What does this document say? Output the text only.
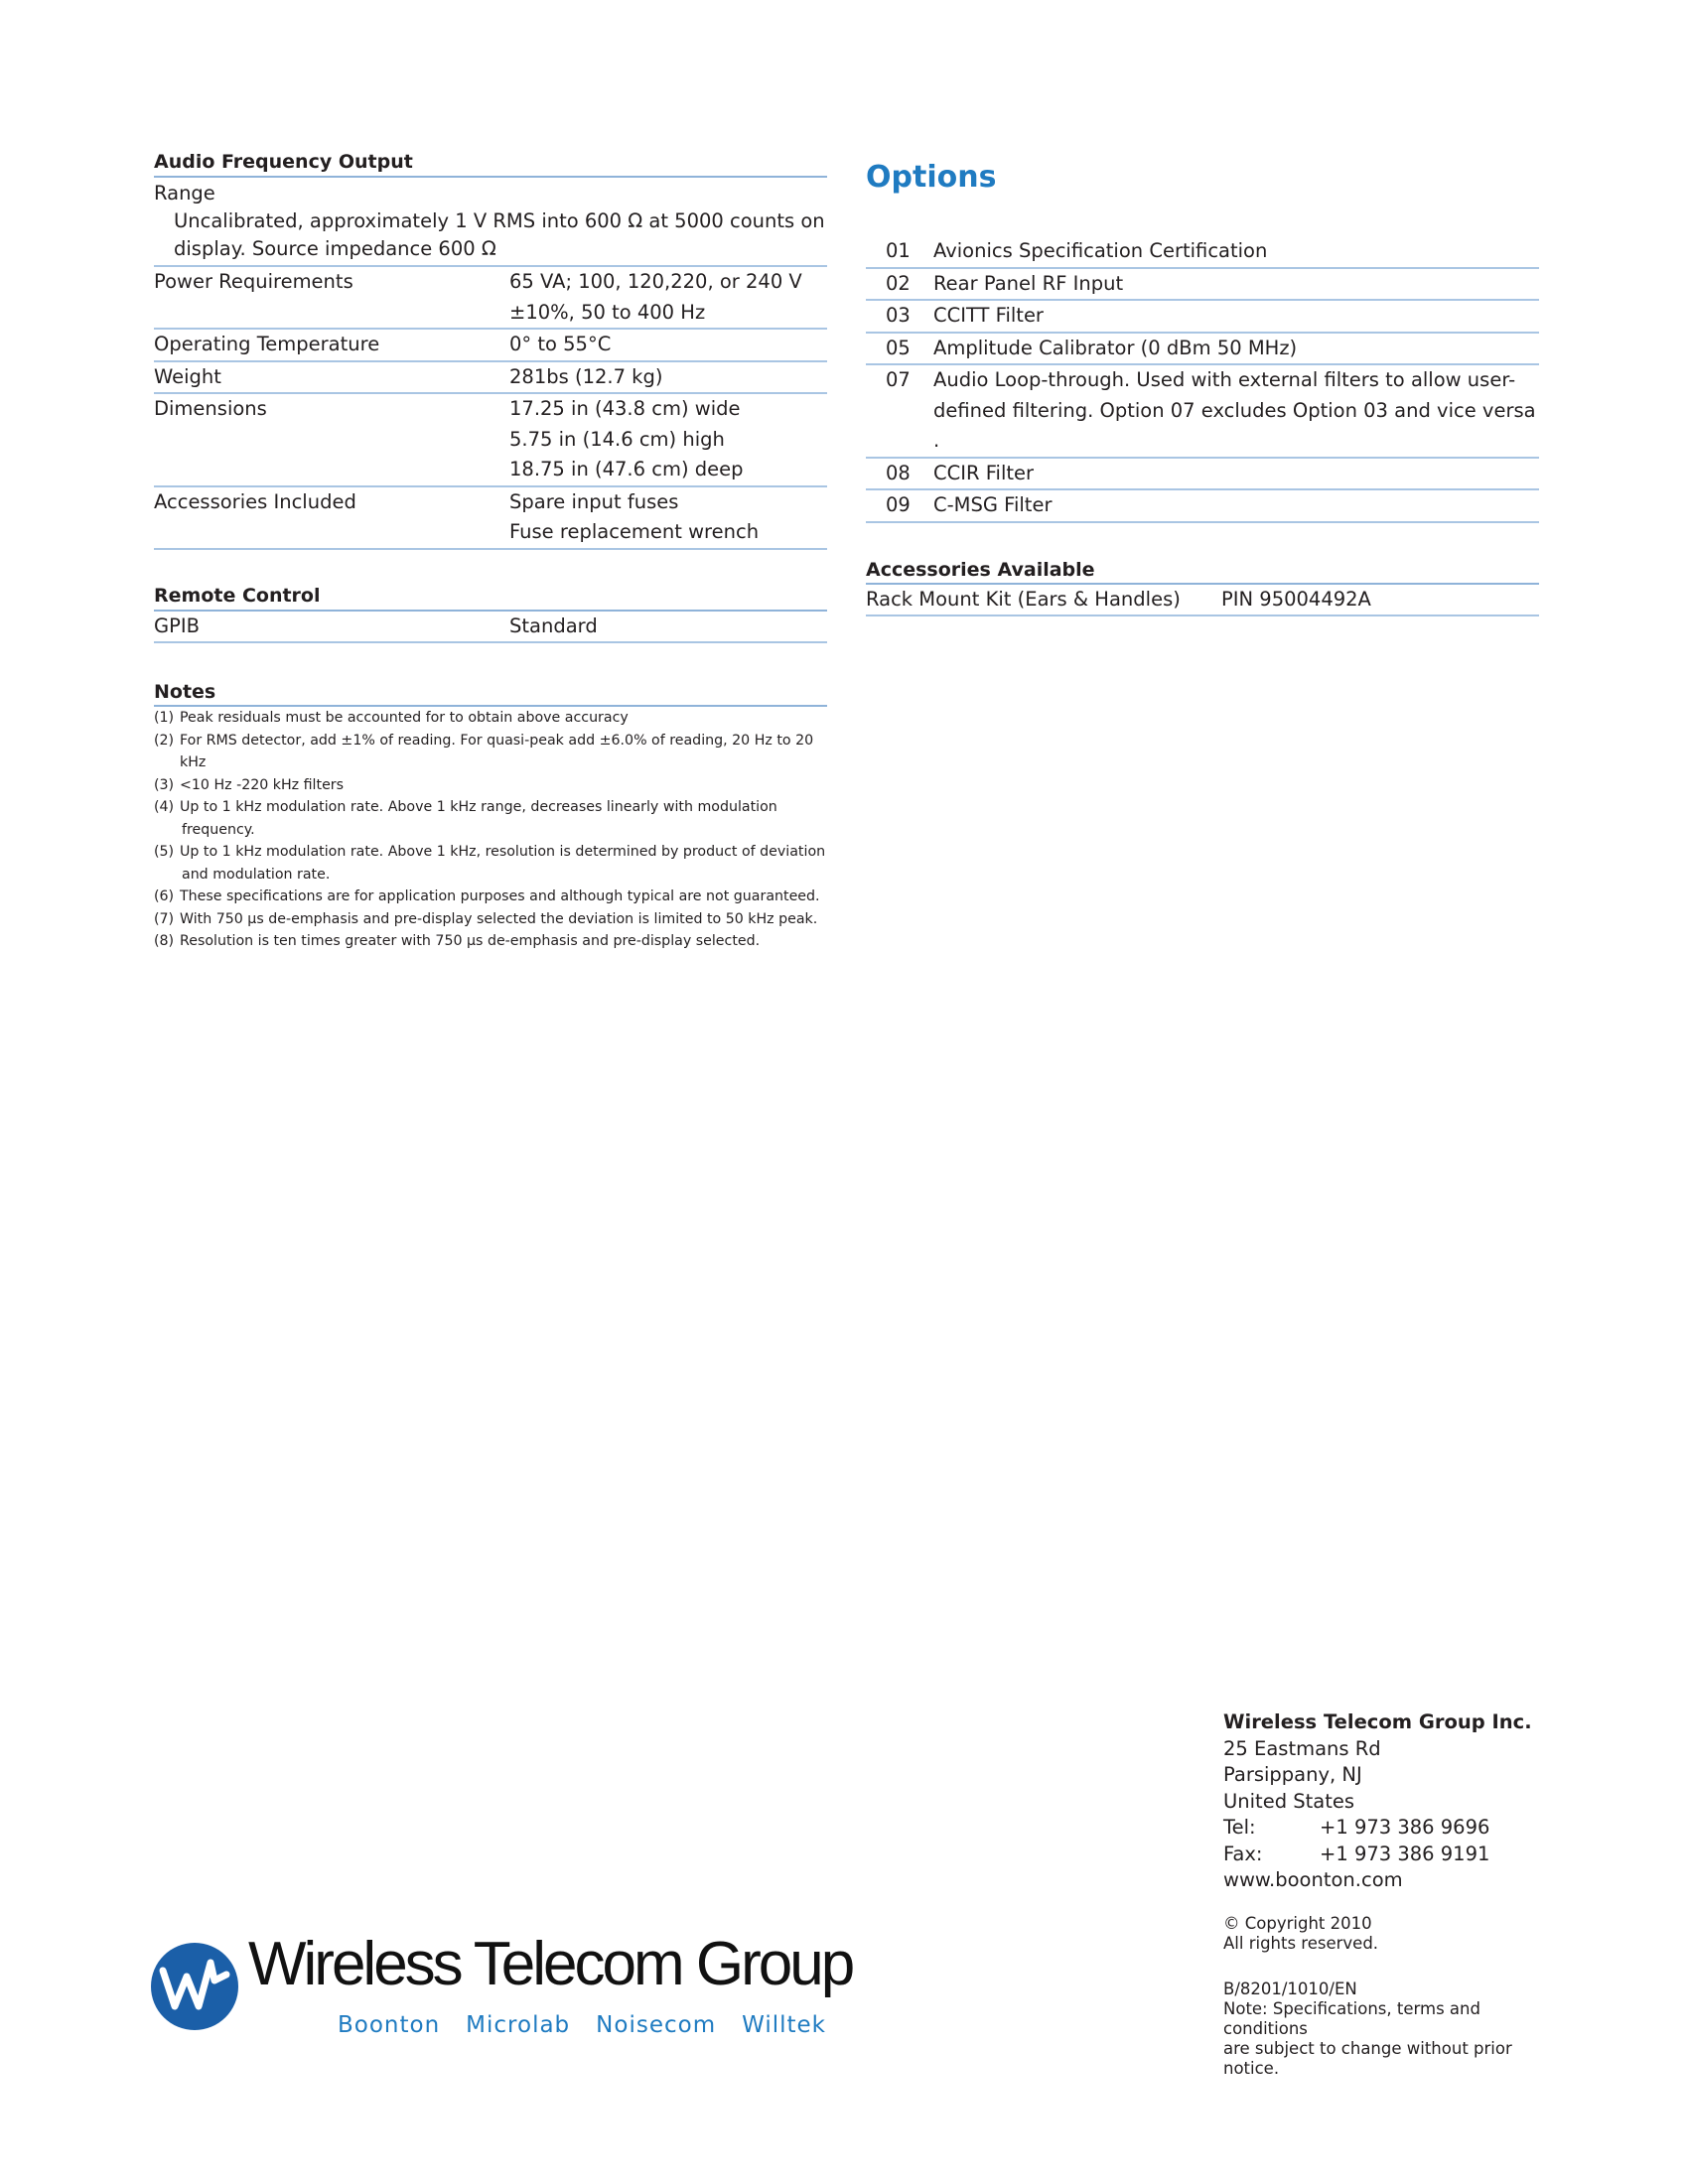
Audio Frequency Output
Range
Uncalibrated, approximately 1 V RMS into 600 Ω at 5000 counts on
display. Source impedance 600 Ω
Power Requirements	65 VA; 100, 120,220, or 240 V
±10%, 50 to 400 Hz
Operating Temperature	0° to 55°C
Weight	281bs (12.7 kg)
Dimensions	17.25 in (43.8 cm) wide
5.75 in (14.6 cm) high
18.75 in (47.6 cm) deep
Accessories Included	Spare input fuses
Fuse replacement wrench
Remote Control
GPIB	Standard
Notes
(1) Peak residuals must be accounted for to obtain above accuracy
(2) For RMS detector, add ±1% of reading. For quasi-peak add ±6.0% of reading, 20 Hz to 20 kHz
(3) <10 Hz -220 kHz filters
(4) Up to 1 kHz modulation rate. Above 1 kHz range, decreases linearly with modulation
frequency.
(5) Up to 1 kHz modulation rate. Above 1 kHz, resolution is determined by product of deviation
and modulation rate.
(6) These specifications are for application purposes and although typical are not guaranteed.
(7) With 750 µs de-emphasis and pre-display selected the deviation is limited to 50 kHz peak.
(8) Resolution is ten times greater with 750 µs de-emphasis and pre-display selected.
Options
01	Avionics Specification Certification
02	Rear Panel RF Input
03	CCITT Filter
05	Amplitude Calibrator (0 dBm 50 MHz)
07	Audio Loop-through. Used with external filters to allow user-
defined filtering. Option 07 excludes Option 03 and vice versa .
08	CCIR Filter
09	C-MSG Filter
Accessories Available
Rack Mount Kit (Ears & Handles)	PIN 95004492A
Wireless Telecom Group Inc.
25 Eastmans Rd
Parsippany, NJ
United States
Tel:	+1 973 386 9696
Fax:	+1 973 386 9191
www.boonton.com
© Copyright 2010
All rights reserved.
B/8201/1010/EN
Note: Specifications, terms and conditions
are subject to change without prior notice.
Wireless Telecom Group
Boonton Microlab Noisecom Willtek
